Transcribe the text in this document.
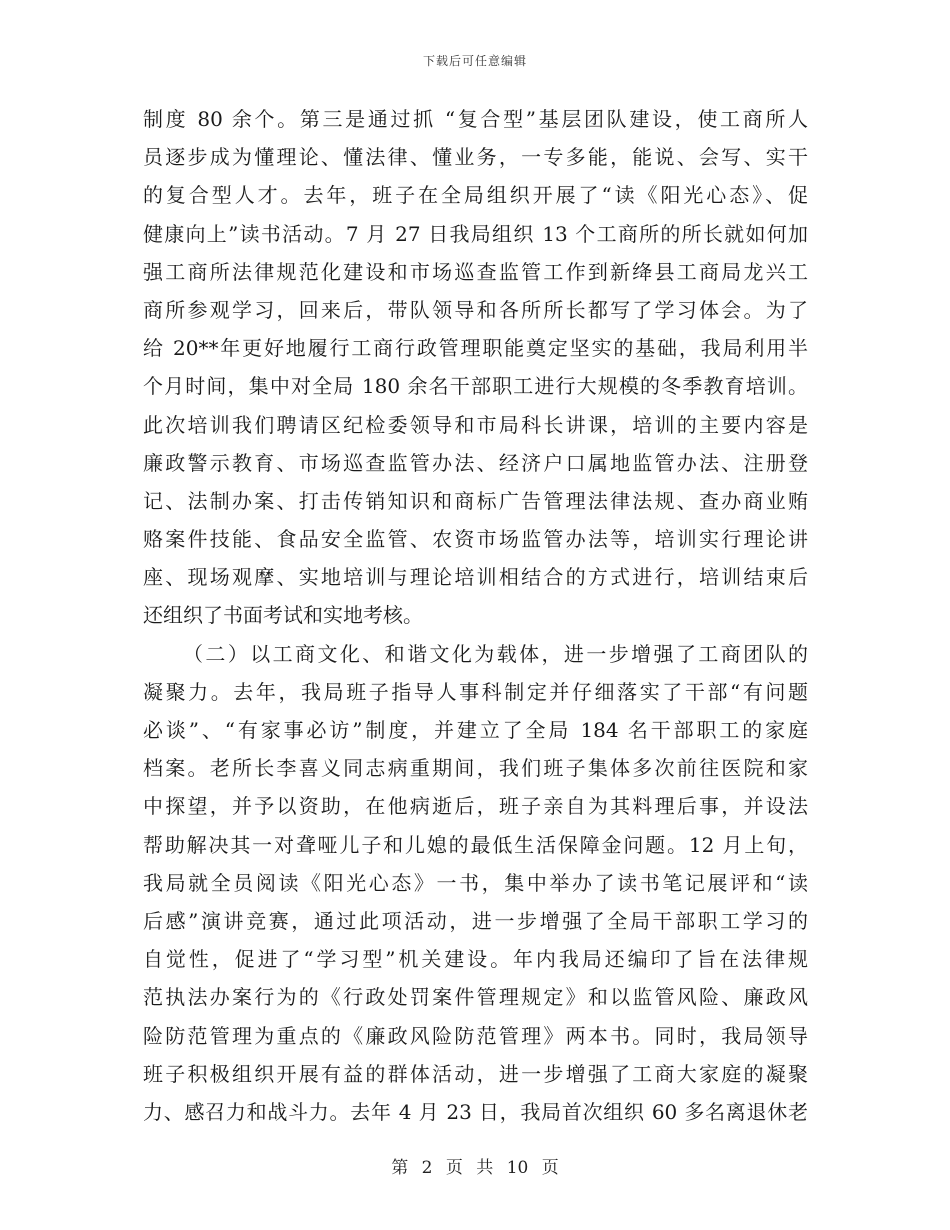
下载后可任意编辑
制度 80 余个。第三是通过抓 “复合型”基层团队建设，使工商所人
员逐步成为懂理论、懂法律、懂业务，一专多能，能说、会写、实干
的复合型人才。去年，班子在全局组织开展了“读《阳光心态》、促
健康向上”读书活动。7 月 27 日我局组织 13 个工商所的所长就如何加
强工商所法律规范化建设和市场巡查监管工作到新绛县工商局龙兴工
商所参观学习，回来后，带队领导和各所所长都写了学习体会。为了
给 20**年更好地履行工商行政管理职能奠定坚实的基础，我局利用半
个月时间，集中对全局 180 余名干部职工进行大规模的冬季教育培训。
此次培训我们聘请区纪检委领导和市局科长讲课，培训的主要内容是
廉政警示教育、市场巡查监管办法、经济户口属地监管办法、注册登
记、法制办案、打击传销知识和商标广告管理法律法规、查办商业贿
赂案件技能、食品安全监管、农资市场监管办法等，培训实行理论讲
座、现场观摩、实地培训与理论培训相结合的方式进行，培训结束后
还组织了书面考试和实地考核。
（二）以工商文化、和谐文化为载体，进一步增强了工商团队的
凝聚力。去年，我局班子指导人事科制定并仔细落实了干部“有问题
必谈”、“有家事必访”制度，并建立了全局 184 名干部职工的家庭
档案。老所长李喜义同志病重期间，我们班子集体多次前往医院和家
中探望，并予以资助，在他病逝后，班子亲自为其料理后事，并设法
帮助解决其一对聋哑儿子和儿媳的最低生活保障金问题。12 月上旬，
我局就全员阅读《阳光心态》一书，集中举办了读书笔记展评和“读
后感”演讲竞赛，通过此项活动，进一步增强了全局干部职工学习的
自觉性，促进了“学习型”机关建设。年内我局还编印了旨在法律规
范执法办案行为的《行政处罚案件管理规定》和以监管风险、廉政风
险防范管理为重点的《廉政风险防范管理》两本书。同时，我局领导
班子积极组织开展有益的群体活动，进一步增强了工商大家庭的凝聚
力、感召力和战斗力。去年 4 月 23 日，我局首次组织 60 多名离退休老
第 2 页 共 10 页
